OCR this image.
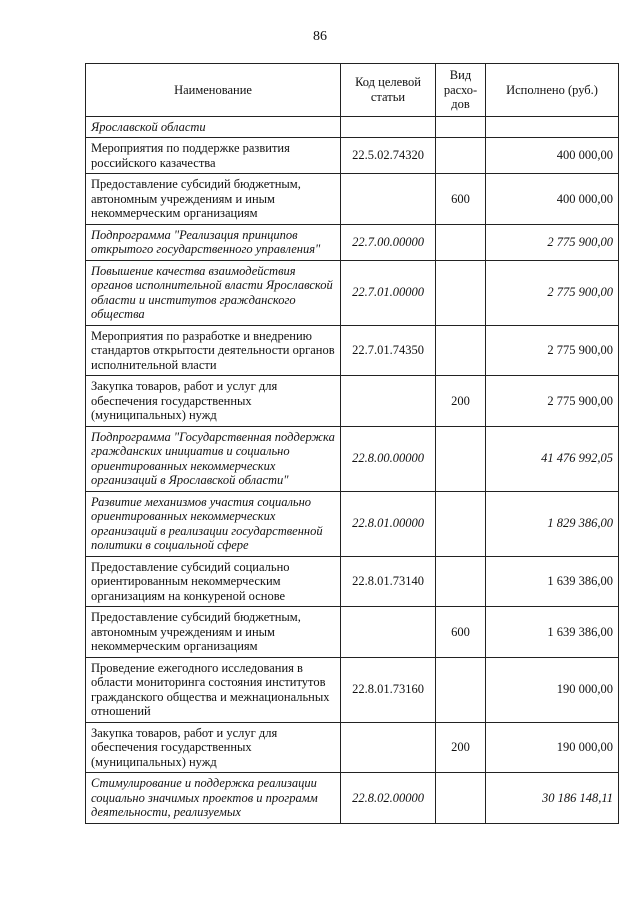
86
Наименование	Код целевой статьи	Вид расхо-дов	Исполнено (руб.)
Ярославской области			
Мероприятия по поддержке развития российского казачества	22.5.02.74320		400 000,00
Предоставление субсидий бюджетным, автономным учреждениям и иным некоммерческим организациям		600	400 000,00
Подпрограмма "Реализация принципов открытого государственного управления"	22.7.00.00000		2 775 900,00
Повышение качества взаимодействия органов исполнительной власти Ярославской области и институтов гражданского общества	22.7.01.00000		2 775 900,00
Мероприятия по разработке и внедрению стандартов открытости деятельности органов исполнительной власти	22.7.01.74350		2 775 900,00
Закупка товаров, работ и услуг для обеспечения государственных (муниципальных) нужд		200	2 775 900,00
Подпрограмма "Государственная поддержка гражданских инициатив и социально ориентированных некоммерческих организаций в Ярославской области"	22.8.00.00000		41 476 992,05
Развитие механизмов участия социально ориентированных некоммерческих организаций в реализации государственной политики в социальной сфере	22.8.01.00000		1 829 386,00
Предоставление субсидий социально ориентированным некоммерческим организациям на конкуреной основе	22.8.01.73140		1 639 386,00
Предоставление субсидий бюджетным, автономным учреждениям и иным некоммерческим организациям		600	1 639 386,00
Проведение ежегодного исследования в области мониторинга состояния институтов гражданского общества и межнациональных отношений	22.8.01.73160		190 000,00
Закупка товаров, работ и услуг для обеспечения государственных (муниципальных) нужд		200	190 000,00
Стимулирование и поддержка реализации социально значимых проектов и программ деятельности, реализуемых	22.8.02.00000		30 186 148,11
